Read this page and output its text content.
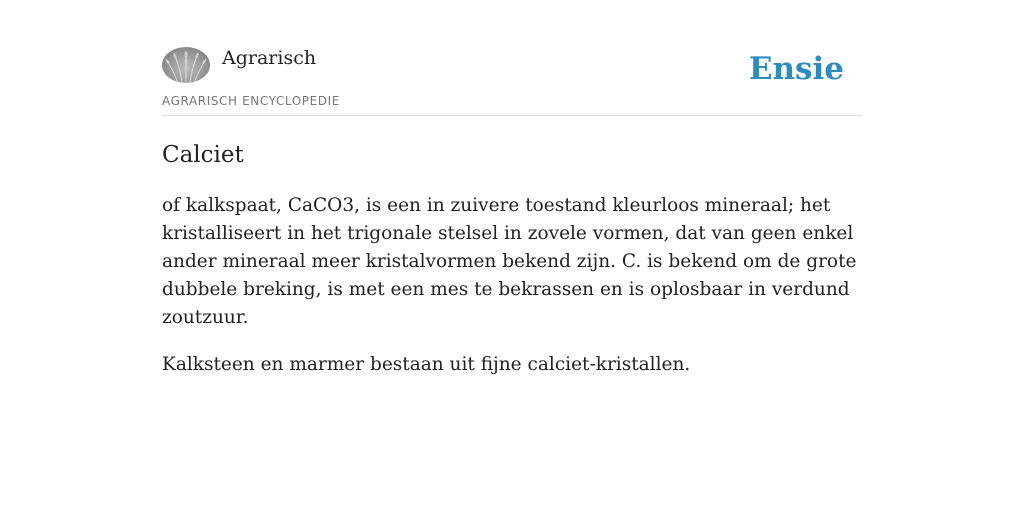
Agrarisch
AGRARISCH ENCYCLOPEDIE
Ensie
Calciet

of kalkspaat, CaCO3, is een in zuivere toestand kleurloos mineraal; het kristalliseert in het trigonale stelsel in zovele vormen, dat van geen enkel ander mineraal meer kristalvormen bekend zijn. C. is bekend om de grote dubbele breking, is met een mes te bekrassen en is oplosbaar in verdund zoutzuur.

Kalksteen en marmer bestaan uit fijne calciet-kristallen.
